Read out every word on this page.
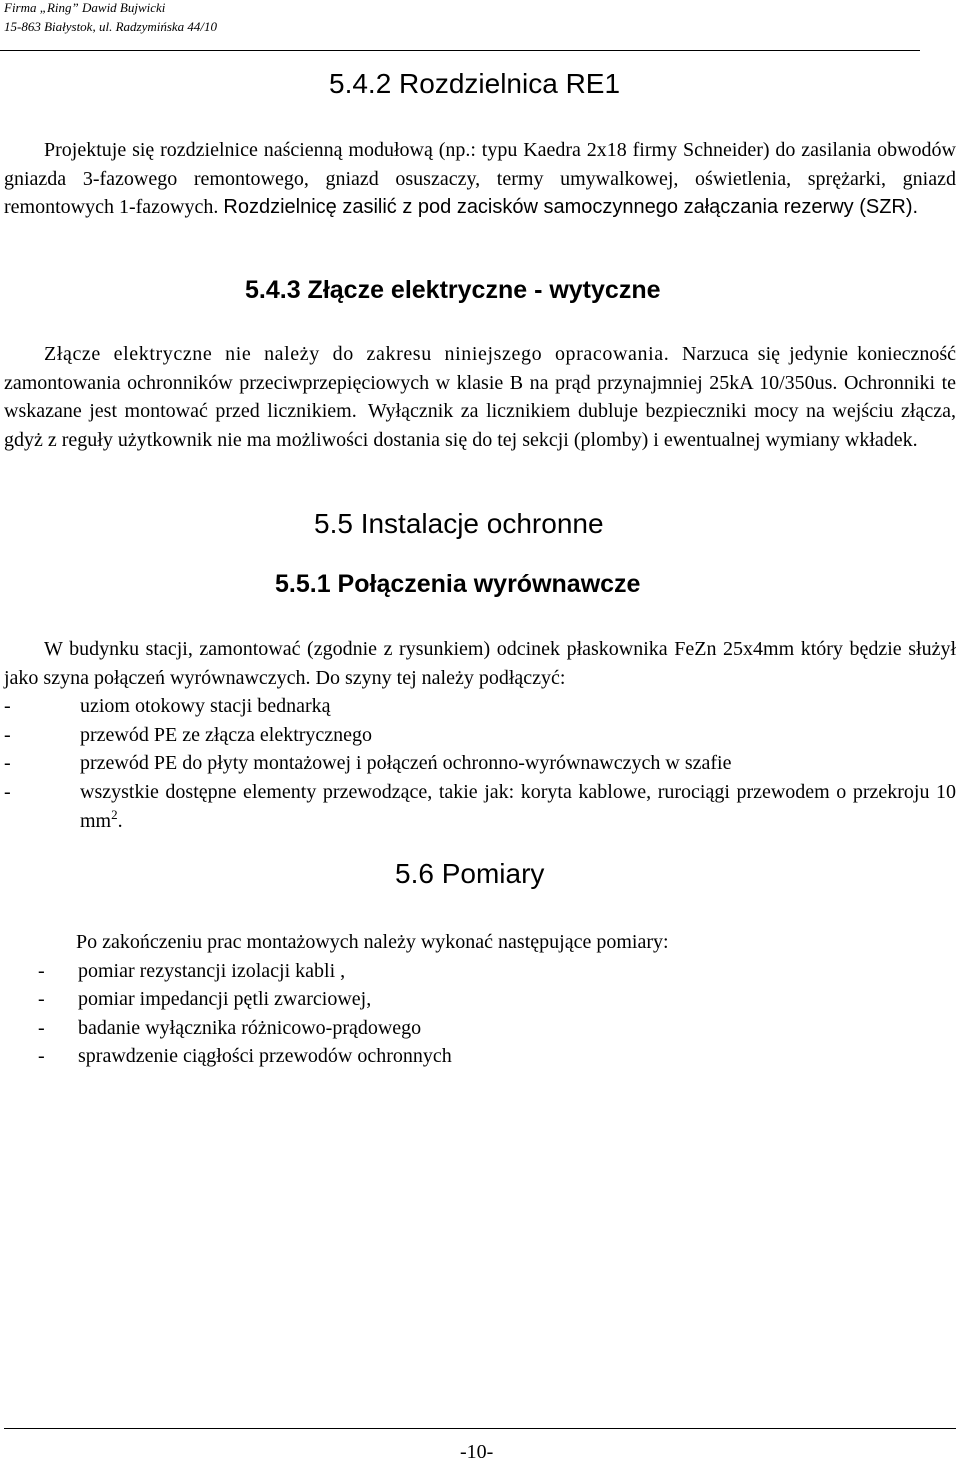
Firma „Ring” Dawid Bujwicki
15-863 Białystok, ul. Radzymińska 44/10
5.4.2 Rozdzielnica RE1

Projektuje się rozdzielnice naścienną modułową (np.: typu Kaedra 2x18 firmy Schneider) do zasilania obwodów gniazda 3-fazowego remontowego, gniazd osuszaczy, termy umywalkowej, oświetlenia, sprężarki, gniazd remontowych 1-fazowych. Rozdzielnicę zasilić z pod zacisków samoczynnego załączania rezerwy (SZR).

5.4.3 Złącze elektryczne - wytyczne

Złącze elektryczne nie należy do zakresu niniejszego opracowania. Narzuca się jedynie konieczność zamontowania ochronników przeciwprzepięciowych w klasie B na prąd przynajmniej 25kA 10/350us. Ochronniki te wskazane jest montować przed licznikiem. Wyłącznik za licznikiem dubluje bezpieczniki mocy na wejściu złącza, gdyż z reguły użytkownik nie ma możliwości dostania się do tej sekcji (plomby) i ewentualnej wymiany wkładek.

5.5 Instalacje ochronne
5.5.1 Połączenia wyrównawcze

W budynku stacji, zamontować (zgodnie z rysunkiem) odcinek płaskownika FeZn 25x4mm który będzie służył jako szyna połączeń wyrównawczych. Do szyny tej należy podłączyć:

-	uziom otokowy stacji bednarką
-	przewód PE ze złącza elektrycznego
-	przewód PE do płyty montażowej i połączeń ochronno-wyrównawczych w szafie
-	wszystkie dostępne elementy przewodzące, takie jak: koryta kablowe, rurociągi przewodem o przekroju 10 $mm^2$.
5.6 Pomiary

Po zakończeniu prac montażowych należy wykonać następujące pomiary:

-	pomiar rezystancji izolacji kabli ,
-	pomiar impedancji pętli zwarciowej,
-	badanie wyłącznika różnicowo-prądowego
-	sprawdzenie ciągłości przewodów ochronnych
-10-
